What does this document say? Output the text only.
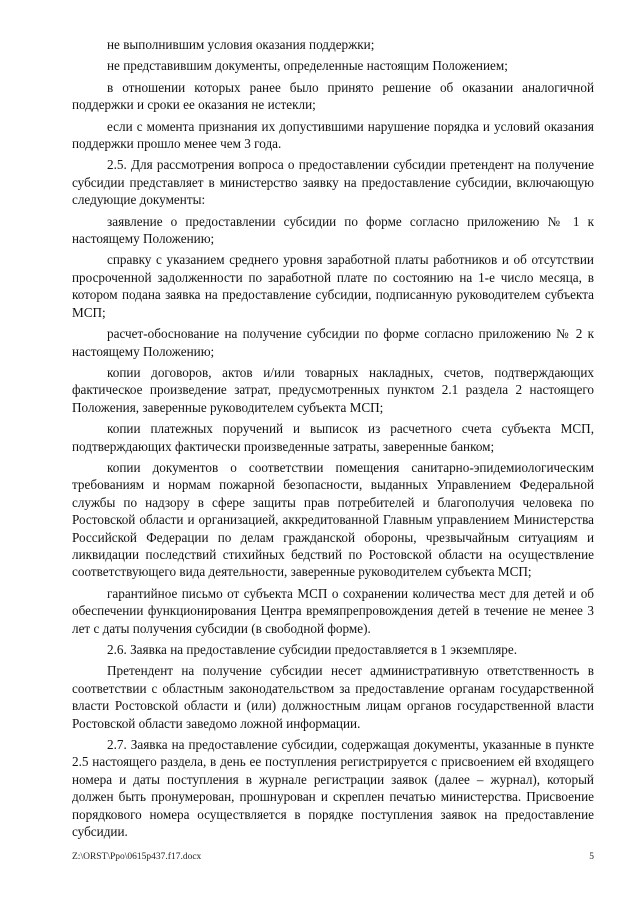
не выполнившим условия оказания поддержки;

не представившим документы, определенные настоящим Положением;

в отношении которых ранее было принято решение об оказании аналогичной поддержки и сроки ее оказания не истекли;

если с момента признания их допустившими нарушение порядка и условий оказания поддержки прошло менее чем 3 года.

2.5. Для рассмотрения вопроса о предоставлении субсидии претендент на получение субсидии представляет в министерство заявку на предоставление субсидии, включающую следующие документы:

заявление о предоставлении субсидии по форме согласно приложению № 1 к настоящему Положению;

справку с указанием среднего уровня заработной платы работников и об отсутствии просроченной задолженности по заработной плате по состоянию на 1-е число месяца, в котором подана заявка на предоставление субсидии, подписанную руководителем субъекта МСП;

расчет-обоснование на получение субсидии по форме согласно приложению № 2 к настоящему Положению;

копии договоров, актов и/или товарных накладных, счетов, подтверждающих фактическое произведение затрат, предусмотренных пунктом 2.1 раздела 2 настоящего Положения, заверенные руководителем субъекта МСП;

копии платежных поручений и выписок из расчетного счета субъекта МСП, подтверждающих фактически произведенные затраты, заверенные банком;

копии документов о соответствии помещения санитарно-эпидемиологическим требованиям и нормам пожарной безопасности, выданных Управлением Федеральной службы по надзору в сфере защиты прав потребителей и благополучия человека по Ростовской области и организацией, аккредитованной Главным управлением Министерства Российской Федерации по делам гражданской обороны, чрезвычайным ситуациям и ликвидации последствий стихийных бедствий по Ростовской области на осуществление соответствующего вида деятельности, заверенные руководителем субъекта МСП;

гарантийное письмо от субъекта МСП о сохранении количества мест для детей и об обеспечении функционирования Центра времяпрепровождения детей в течение не менее 3 лет с даты получения субсидии (в свободной форме).

2.6. Заявка на предоставление субсидии предоставляется в 1 экземпляре.

Претендент на получение субсидии несет административную ответственность в соответствии с областным законодательством за предоставление органам государственной власти Ростовской области и (или) должностным лицам органов государственной власти Ростовской области заведомо ложной информации.

2.7. Заявка на предоставление субсидии, содержащая документы, указанные в пункте 2.5 настоящего раздела, в день ее поступления регистрируется с присвоением ей входящего номера и даты поступления в журнале регистрации заявок (далее – журнал), который должен быть пронумерован, прошнурован и скреплен печатью министерства. Присвоение порядкового номера осуществляется в порядке поступления заявок на предоставление субсидии.

Z:\ORST\Ppo\0615p437.f17.docx	5
